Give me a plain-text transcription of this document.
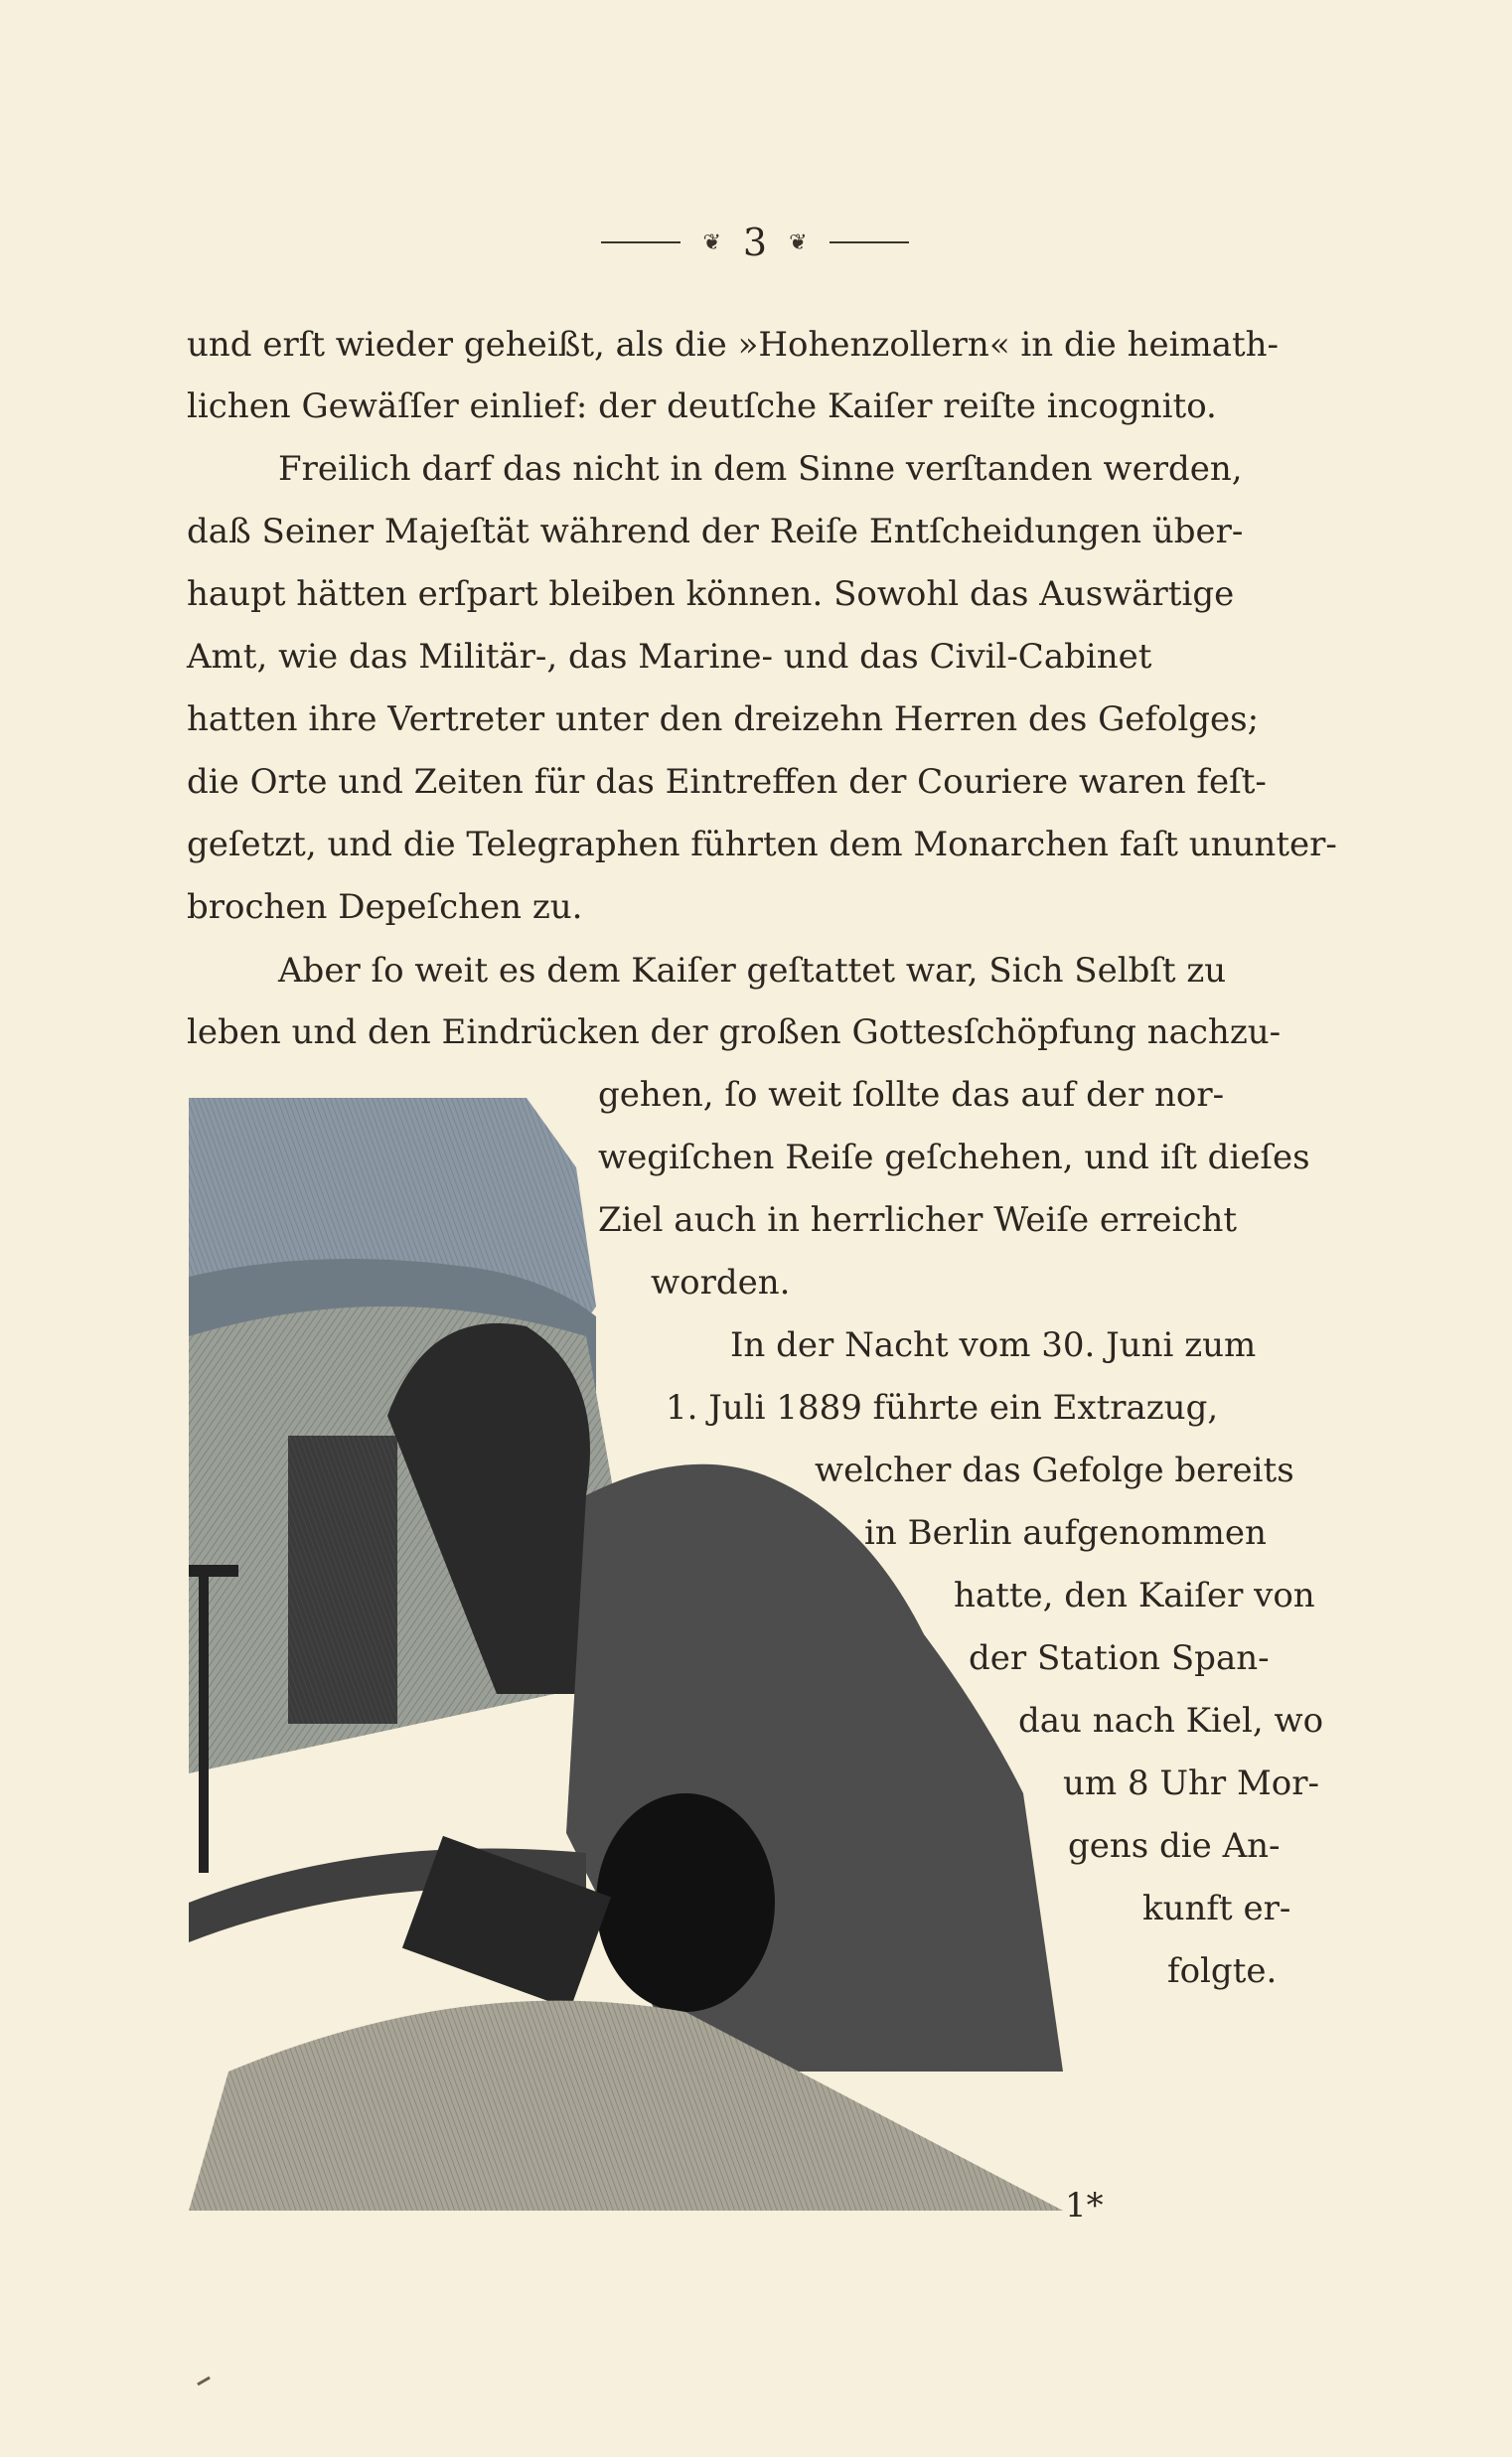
❦ 3 ❦
und erſt wieder geheißt, als die »Hohenzollern« in die heimath-
lichen Gewäſſer einlief: der deutſche Kaiſer reiſte incognito.
Freilich darf das nicht in dem Sinne verſtanden werden,
daß Seiner Majeſtät während der Reiſe Entſcheidungen über-
haupt hätten erſpart bleiben können. Sowohl das Auswärtige
Amt, wie das Militär-, das Marine- und das Civil-Cabinet
hatten ihre Vertreter unter den dreizehn Herren des Gefolges;
die Orte und Zeiten für das Eintreffen der Couriere waren feſt-
geſetzt, und die Telegraphen führten dem Monarchen faſt ununter-
brochen Depeſchen zu.
Aber ſo weit es dem Kaiſer geſtattet war, Sich Selbſt zu
leben und den Eindrücken der großen Gottesſchöpfung nachzu-
gehen, ſo weit ſollte das auf der nor-
wegiſchen Reiſe geſchehen, und iſt dieſes
Ziel auch in herrlicher Weiſe erreicht
worden.
In der Nacht vom 30. Juni zum
1. Juli 1889 führte ein Extrazug,
welcher das Gefolge bereits
in Berlin aufgenommen
hatte, den Kaiſer von
der Station Span-
dau nach Kiel, wo
um 8 Uhr Mor-
gens die An-
kunft er-
folgte.
1*
